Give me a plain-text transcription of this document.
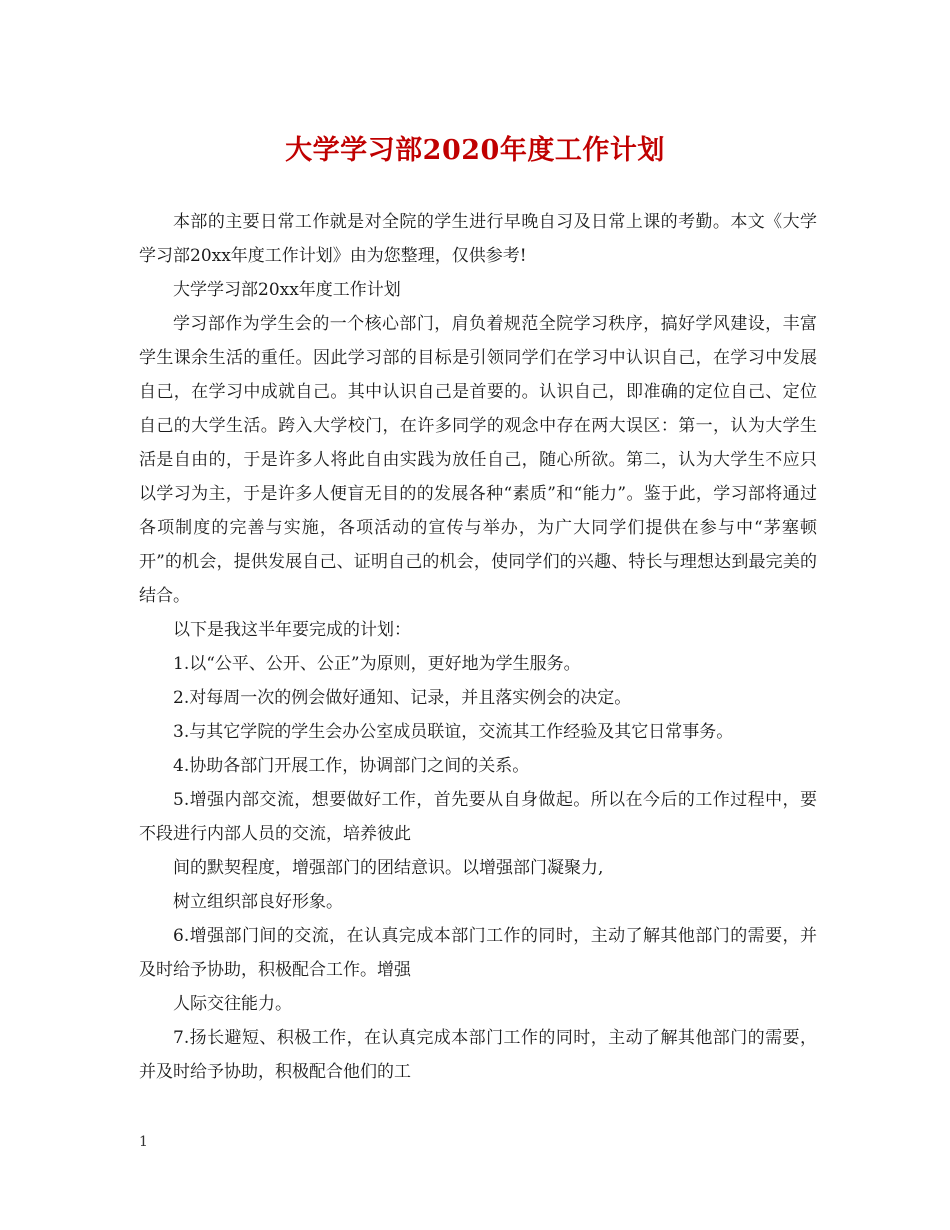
大学学习部2020年度工作计划

本部的主要日常工作就是对全院的学生进行早晚自习及日常上课的考勤。本文《大学学习部20xx年度工作计划》由为您整理，仅供参考!

大学学习部20xx年度工作计划

学习部作为学生会的一个核心部门，肩负着规范全院学习秩序，搞好学风建设，丰富学生课余生活的重任。因此学习部的目标是引领同学们在学习中认识自己，在学习中发展自己，在学习中成就自己。其中认识自己是首要的。认识自己，即准确的定位自己、定位自己的大学生活。跨入大学校门，在许多同学的观念中存在两大误区：第一，认为大学生活是自由的，于是许多人将此自由实践为放任自己，随心所欲。第二，认为大学生不应只以学习为主，于是许多人便盲无目的的发展各种“素质”和“能力”。鉴于此，学习部将通过各项制度的完善与实施，各项活动的宣传与举办，为广大同学们提供在参与中“茅塞顿开”的机会，提供发展自己、证明自己的机会，使同学们的兴趣、特长与理想达到最完美的结合。

以下是我这半年要完成的计划：

1.以“公平、公开、公正”为原则，更好地为学生服务。

2.对每周一次的例会做好通知、记录，并且落实例会的决定。

3.与其它学院的学生会办公室成员联谊，交流其工作经验及其它日常事务。

4.协助各部门开展工作，协调部门之间的关系。

5.增强内部交流，想要做好工作，首先要从自身做起。所以在今后的工作过程中，要不段进行内部人员的交流，培养彼此

间的默契程度，增强部门的团结意识。以增强部门凝聚力,

树立组织部良好形象。

6.增强部门间的交流，在认真完成本部门工作的同时，主动了解其他部门的需要，并及时给予协助，积极配合工作。增强

人际交往能力。

7.扬长避短、积极工作，在认真完成本部门工作的同时，主动了解其他部门的需要，并及时给予协助，积极配合他们的工

1
